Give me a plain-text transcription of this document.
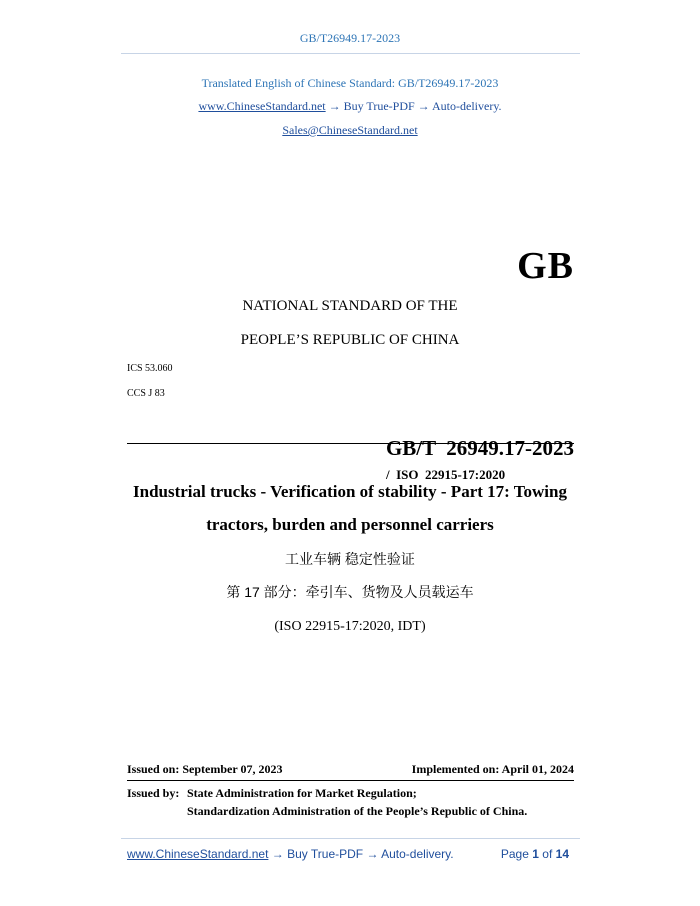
GB/T26949.17-2023
Translated English of Chinese Standard: GB/T26949.17-2023
www.ChineseStandard.net → Buy True-PDF → Auto-delivery.
Sales@ChineseStandard.net
GB
NATIONAL STANDARD OF THE
PEOPLE’S REPUBLIC OF CHINA
ICS 53.060
CCS J 83

GB/T  26949.17-2023
/  ISO  22915-17:2020

Industrial trucks - Verification of stability - Part 17: Towing
tractors, burden and personnel carriers
工业车辆 稳定性验证
第 17 部分：牵引车、货物及人员载运车
(ISO 22915-17:2020, IDT)
Issued on: September 07, 2023	Implemented on: April 01, 2024
Issued by: State Administration for Market Regulation;
Standardization Administration of the People’s Republic of China.
www.ChineseStandard.net → Buy True-PDF → Auto-delivery.	Page 1 of 14
